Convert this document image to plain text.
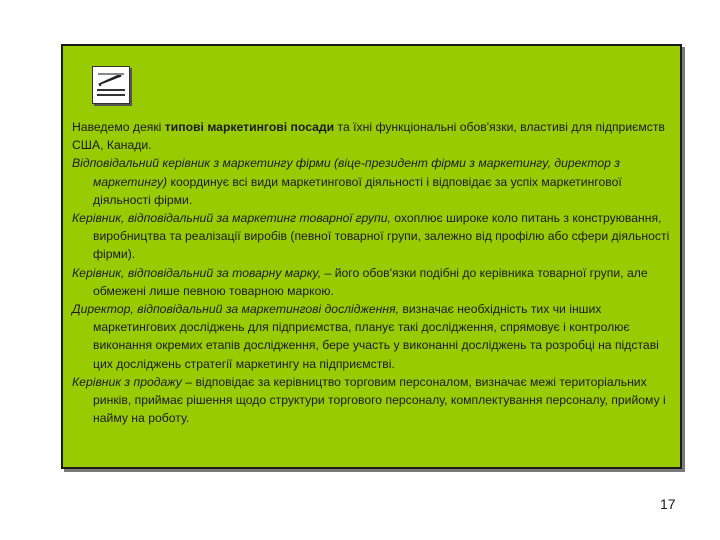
Наведемо деякі типові маркетингові посади та їхні функціональні обов'язки, властиві для підприємств США, Канади.

Відповідальний керівник з маркетингу фірми (віце-президент фірми з маркетингу, директор з маркетингу) координує всі види маркетингової діяльності і відповідає за успіх маркетингової діяльності фірми.

Керівник, відповідальний за маркетинг товарної групи, охоплює широке коло питань з конструювання, виробництва та реалізації виробів (певної товарної групи, залежно від профілю або сфери діяльності фірми).

Керівник, відповідальний за товарну марку, – його обов'язки подібні до керівника товарної групи, але обмежені лише певною товарною маркою.

Директор, відповідальний за маркетингові дослідження, визначає необхідність тих чи інших маркетингових досліджень для підприємства, планує такі дослідження, спрямовує і контролює виконання окремих етапів дослідження, бере участь у виконанні досліджень та розробці на підставі цих досліджень стратегії маркетингу на підприємстві.

Керівник з продажу – відповідає за керівництво торговим персоналом, визначає межі територіальних ринків, приймає рішення щодо структури торгового персоналу, комплектування персоналу, прийому і найму на роботу.

17
